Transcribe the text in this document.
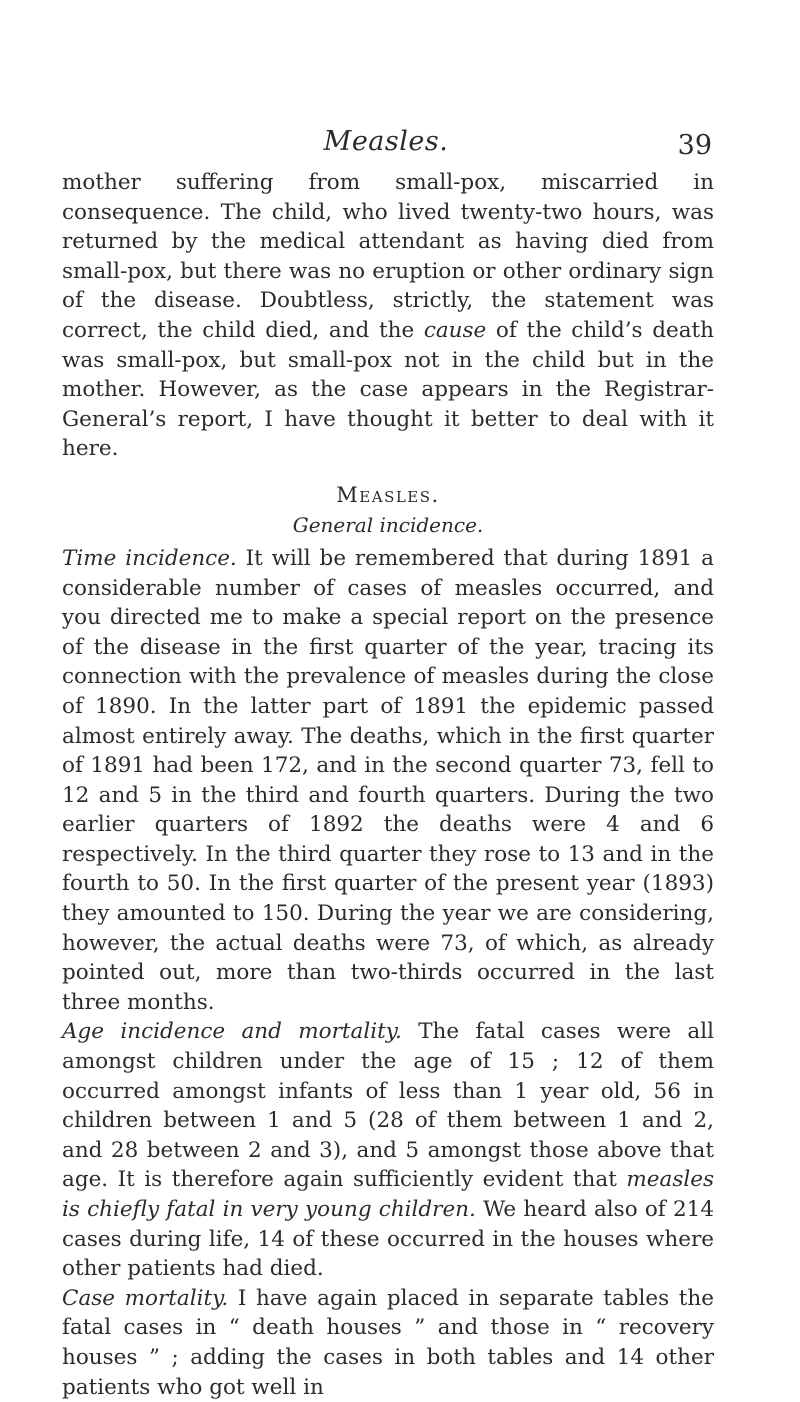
Measles.	39

mother suffering from small-pox, miscarried in consequence. The child, who lived twenty-two hours, was returned by the medical attendant as having died from small-pox, but there was no eruption or other ordinary sign of the disease. Doubtless, strictly, the statement was correct, the child died, and the cause of the child’s death was small-pox, but small-pox not in the child but in the mother. However, as the case appears in the Registrar-General’s report, I have thought it better to deal with it here.

Measles.

General incidence.

Time incidence. It will be remembered that during 1891 a considerable number of cases of measles occurred, and you directed me to make a special report on the presence of the disease in the first quarter of the year, tracing its connection with the prevalence of measles during the close of 1890. In the latter part of 1891 the epidemic passed almost entirely away. The deaths, which in the first quarter of 1891 had been 172, and in the second quarter 73, fell to 12 and 5 in the third and fourth quarters. During the two earlier quarters of 1892 the deaths were 4 and 6 respectively. In the third quarter they rose to 13 and in the fourth to 50. In the first quarter of the present year (1893) they amounted to 150. During the year we are considering, however, the actual deaths were 73, of which, as already pointed out, more than two-thirds occurred in the last three months.

Age incidence and mortality. The fatal cases were all amongst children under the age of 15 ; 12 of them occurred amongst infants of less than 1 year old, 56 in children between 1 and 5 (28 of them between 1 and 2, and 28 between 2 and 3), and 5 amongst those above that age. It is therefore again sufficiently evident that measles is chiefly fatal in very young children. We heard also of 214 cases during life, 14 of these occurred in the houses where other patients had died.

Case mortality. I have again placed in separate tables the fatal cases in “ death houses ” and those in “ recovery houses ” ; adding the cases in both tables and 14 other patients who got well in
